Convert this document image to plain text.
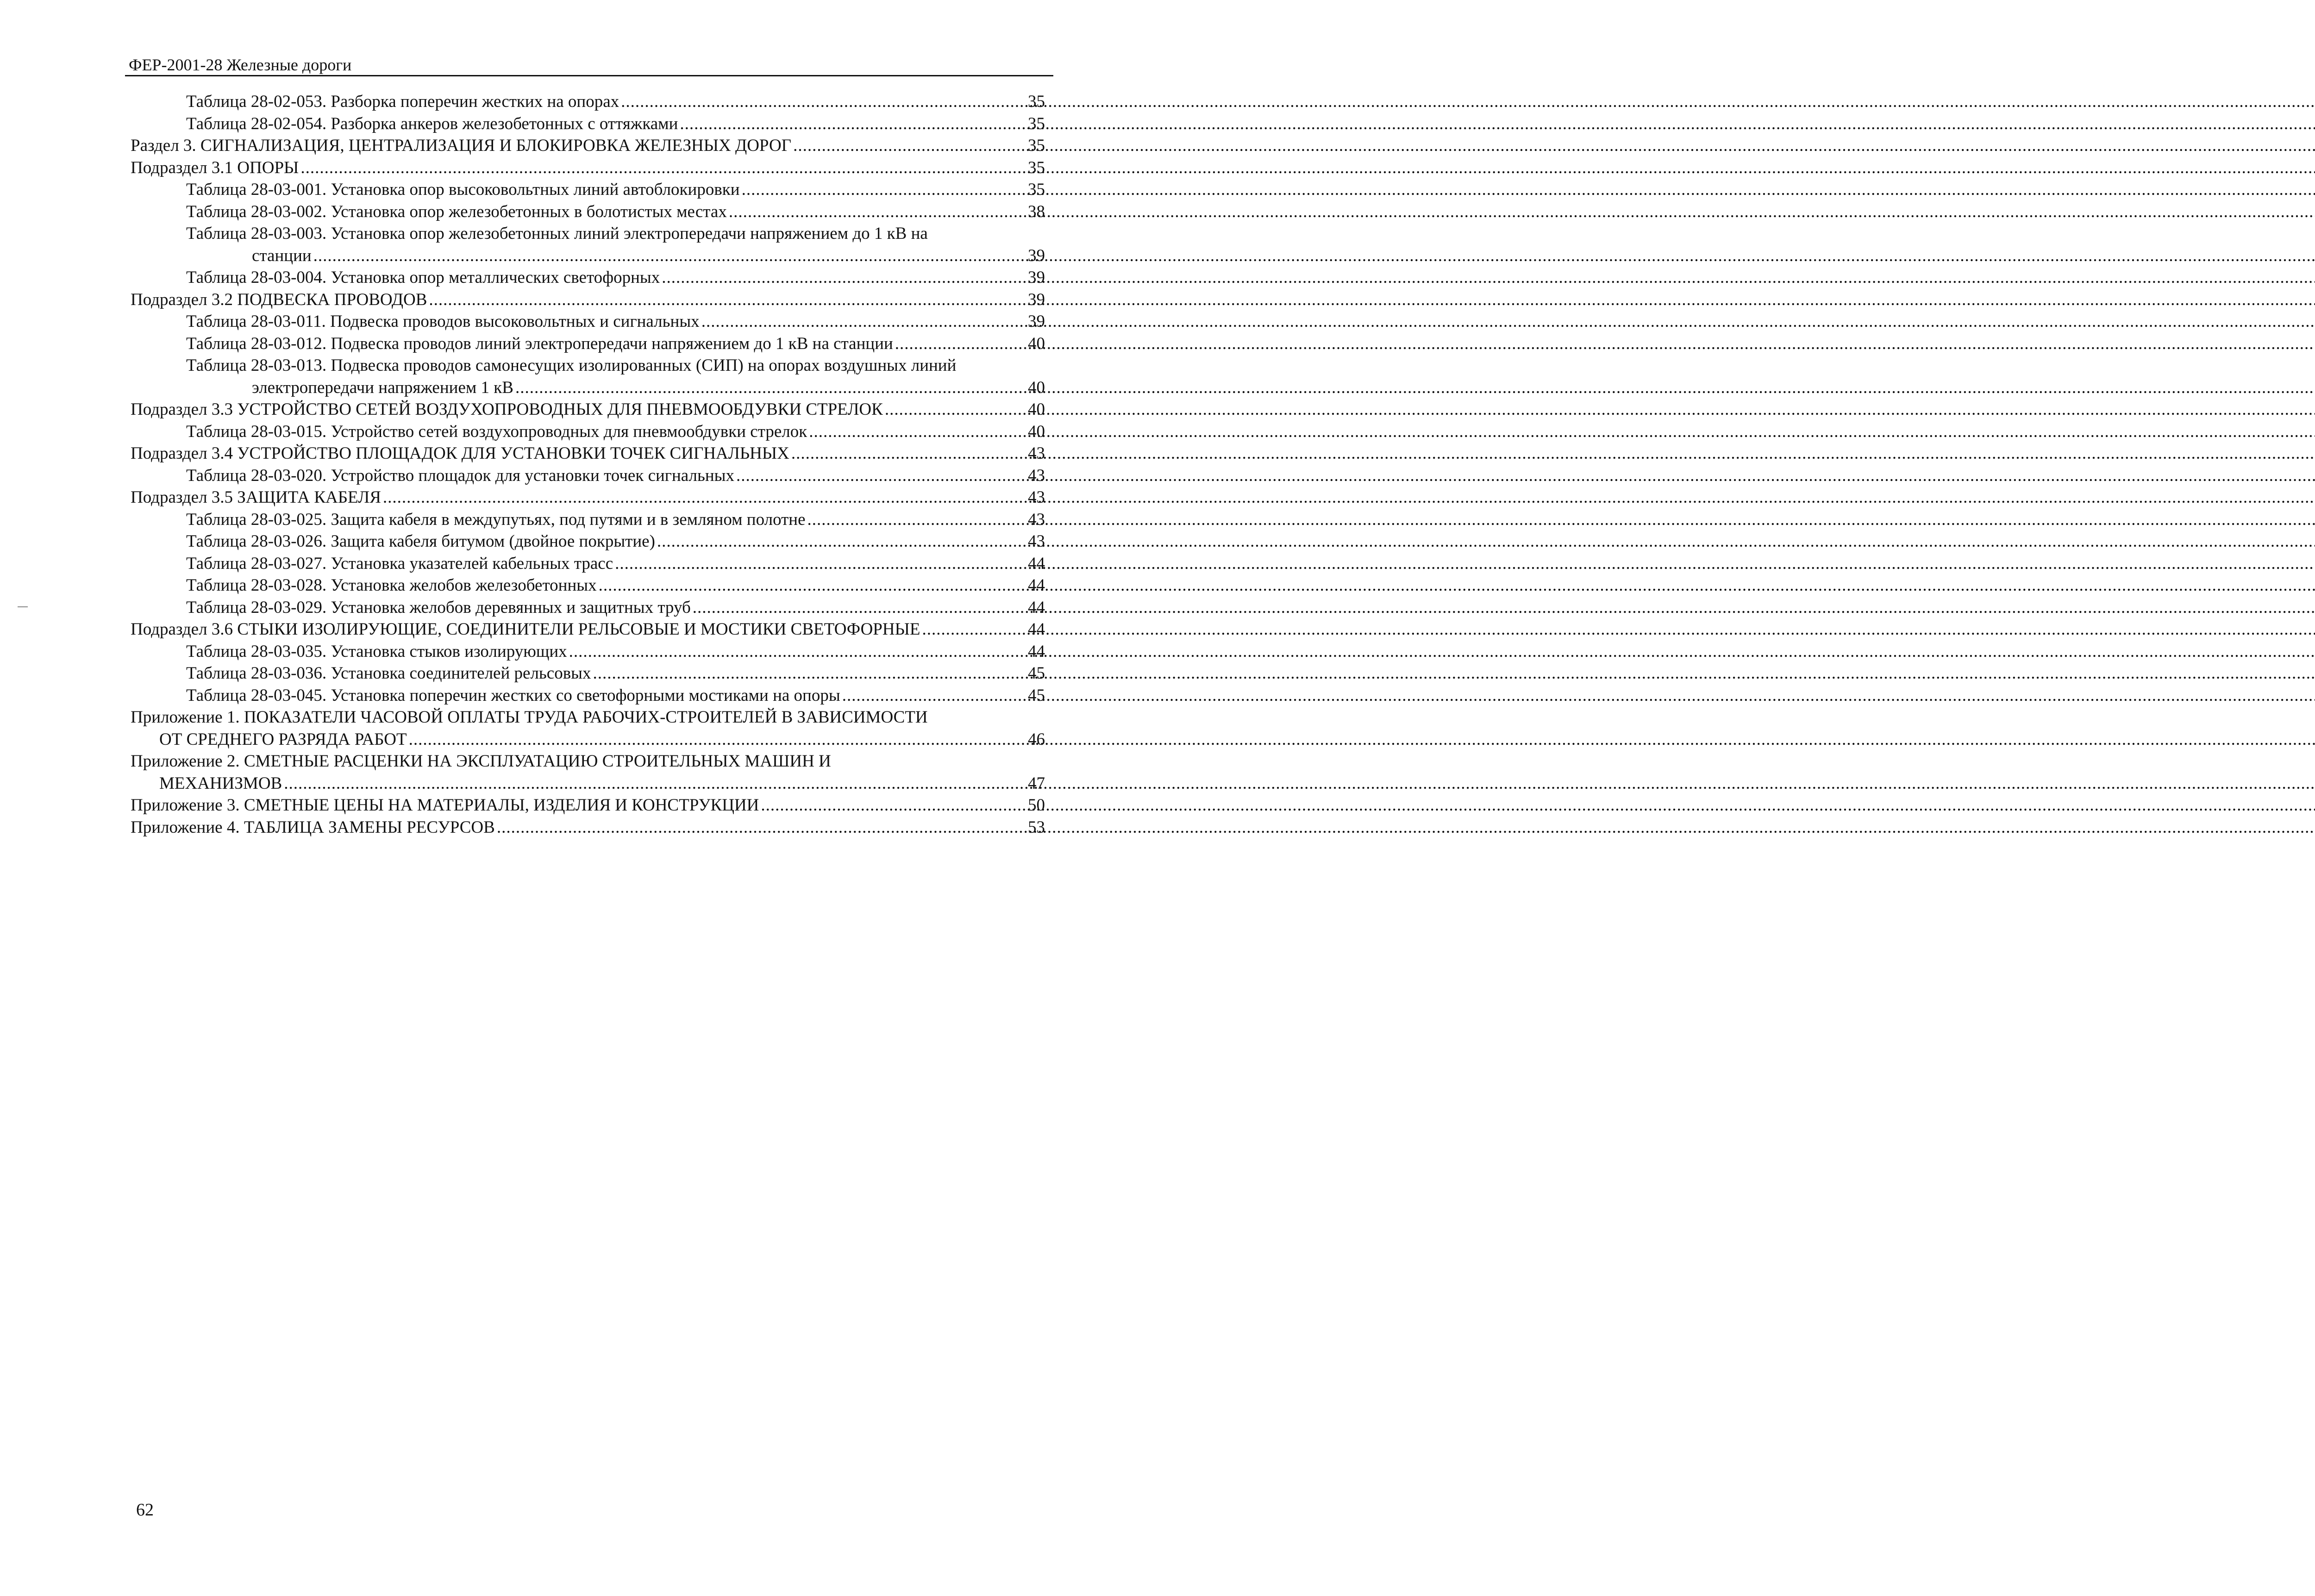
ФЕР-2001-28 Железные дороги
Таблица 28-02-053. Разборка поперечин жестких на опорах .....	35
Таблица 28-02-054. Разборка анкеров железобетонных с оттяжками .....	35
Раздел 3. СИГНАЛИЗАЦИЯ, ЦЕНТРАЛИЗАЦИЯ И БЛОКИРОВКА ЖЕЛЕЗНЫХ ДОРОГ .....	35
Подраздел 3.1 ОПОРЫ .....	35
Таблица 28-03-001. Установка опор высоковольтных линий автоблокировки .....	35
Таблица 28-03-002. Установка опор железобетонных в болотистых местах .....	38
Таблица 28-03-003. Установка опор железобетонных линий электропередачи напряжением до 1 кВ на
станции .....	39
Таблица 28-03-004. Установка опор металлических светофорных .....	39
Подраздел 3.2 ПОДВЕСКА ПРОВОДОВ .....	39
Таблица 28-03-011. Подвеска проводов высоковольтных и сигнальных .....	39
Таблица 28-03-012. Подвеска проводов линий электропередачи напряжением до 1 кВ на станции .....	40
Таблица 28-03-013. Подвеска проводов самонесущих изолированных (СИП) на опорах воздушных линий
электропередачи напряжением 1 кВ .....	40
Подраздел 3.3 УСТРОЙСТВО СЕТЕЙ ВОЗДУХОПРОВОДНЫХ ДЛЯ ПНЕВМООБДУВКИ СТРЕЛОК .....	40
Таблица 28-03-015. Устройство сетей воздухопроводных для пневмообдувки стрелок .....	40
Подраздел 3.4 УСТРОЙСТВО ПЛОЩАДОК ДЛЯ УСТАНОВКИ ТОЧЕК СИГНАЛЬНЫХ .....	43
Таблица 28-03-020. Устройство площадок для установки точек сигнальных .....	43
Подраздел 3.5 ЗАЩИТА КАБЕЛЯ .....	43
Таблица 28-03-025. Защита кабеля в междупутьях, под путями и в земляном полотне .....	43
Таблица 28-03-026. Защита кабеля битумом (двойное покрытие) .....	43
Таблица 28-03-027. Установка указателей кабельных трасс .....	44
Таблица 28-03-028. Установка желобов железобетонных .....	44
Таблица 28-03-029. Установка желобов деревянных и защитных труб .....	44
Подраздел 3.6 СТЫКИ ИЗОЛИРУЮЩИЕ, СОЕДИНИТЕЛИ РЕЛЬСОВЫЕ И МОСТИКИ СВЕТОФОРНЫЕ .....	44
Таблица 28-03-035. Установка стыков изолирующих .....	44
Таблица 28-03-036. Установка соединителей рельсовых .....	45
Таблица 28-03-045. Установка поперечин жестких со светофорными мостиками на опоры .....	45
Приложение 1. ПОКАЗАТЕЛИ ЧАСОВОЙ ОПЛАТЫ ТРУДА РАБОЧИХ-СТРОИТЕЛЕЙ В ЗАВИСИМОСТИ
ОТ СРЕДНЕГО РАЗРЯДА РАБОТ .....	46
Приложение 2. СМЕТНЫЕ РАСЦЕНКИ НА ЭКСПЛУАТАЦИЮ СТРОИТЕЛЬНЫХ МАШИН И
МЕХАНИЗМОВ .....	47
Приложение 3. СМЕТНЫЕ ЦЕНЫ НА МАТЕРИАЛЫ, ИЗДЕЛИЯ И КОНСТРУКЦИИ .....	50
Приложение 4. ТАБЛИЦА ЗАМЕНЫ РЕСУРСОВ .....	53
62
